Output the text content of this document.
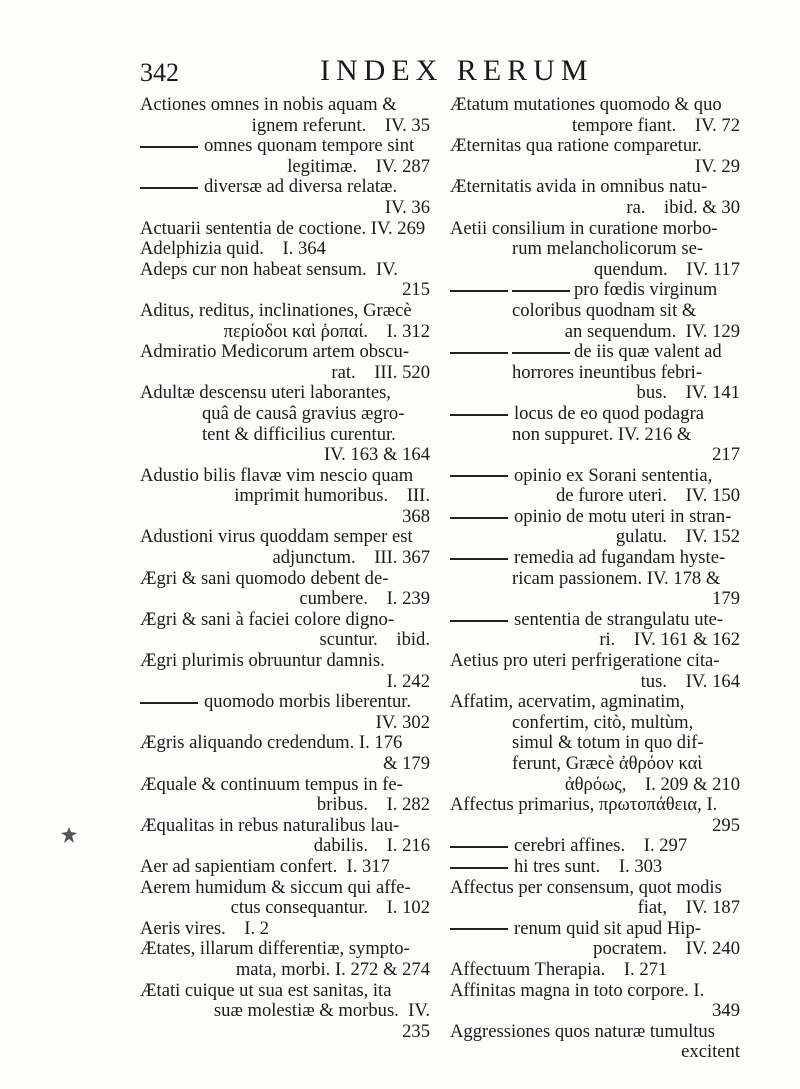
342	INDEX RERUM
Actiones omnes in nobis aquam &
ignem referunt.    IV. 35
omnes quonam tempore sint
legitimæ.    IV. 287
diversæ ad diversa relatæ.
IV. 36
Actuarii sententia de coctione. IV. 269
Adelphizia quid.    I. 364
Adeps cur non habeat sensum.  IV.
215
Aditus, reditus, inclinationes, Græcè
περίοδοι καὶ ῥοπαί.    I. 312
Admiratio Medicorum artem obscu-
rat.    III. 520
Adultæ descensu uteri laborantes,
quâ de causâ gravius ægro-
tent & difficilius curentur.
IV. 163 & 164
Adustio bilis flavæ vim nescio quam
imprimit humoribus.    III.
368
Adustioni virus quoddam semper est
adjunctum.    III. 367
Ægri & sani quomodo debent de-
cumbere.    I. 239
Ægri & sani à faciei colore digno-
scuntur.    ibid.
Ægri plurimis obruuntur damnis.
I. 242
quomodo morbis liberentur.
IV. 302
Ægris aliquando credendum. I. 176
& 179
Æquale & continuum tempus in fe-
bribus.    I. 282
Æqualitas in rebus naturalibus lau-
dabilis.    I. 216
Aer ad sapientiam confert.  I. 317
Aerem humidum & siccum qui affe-
ctus consequantur.    I. 102
Aeris vires.    I. 2
Ætates, illarum differentiæ, sympto-
mata, morbi. I. 272 & 274
Ætati cuique ut sua est sanitas, ita
suæ molestiæ & morbus.  IV.
235
Ætatum mutationes quomodo & quo
tempore fiant.    IV. 72
Æternitas qua ratione comparetur.
IV. 29
Æternitatis avida in omnibus natu-
ra.    ibid. & 30
Aetii consilium in curatione morbo-
rum melancholicorum se-
quendum.    IV. 117
pro fœdis virginum
coloribus quodnam sit &
an sequendum.  IV. 129
de iis quæ valent ad
horrores ineuntibus febri-
bus.    IV. 141
locus de eo quod podagra
non suppuret. IV. 216 &
217
opinio ex Sorani sententia,
de furore uteri.    IV. 150
opinio de motu uteri in stran-
gulatu.    IV. 152
remedia ad fugandam hyste-
ricam passionem. IV. 178 &
179
sententia de strangulatu ute-
ri.    IV. 161 & 162
Aetius pro uteri perfrigeratione cita-
tus.    IV. 164
Affatim, acervatim, agminatim,
confertim, citò, multùm,
simul & totum in quo dif-
ferunt, Græcè ἀθρόον καὶ
ἀθρόως,    I. 209 & 210
Affectus primarius, πρωτοπάθεια, I.
295
cerebri affines.    I. 297
hi tres sunt.    I. 303
Affectus per consensum, quot modis
fiat,    IV. 187
renum quid sit apud Hip-
pocratem.    IV. 240
Affectuum Therapia.    I. 271
Affinitas magna in toto corpore. I.
349
Aggressiones quos naturæ tumultus
excitent
